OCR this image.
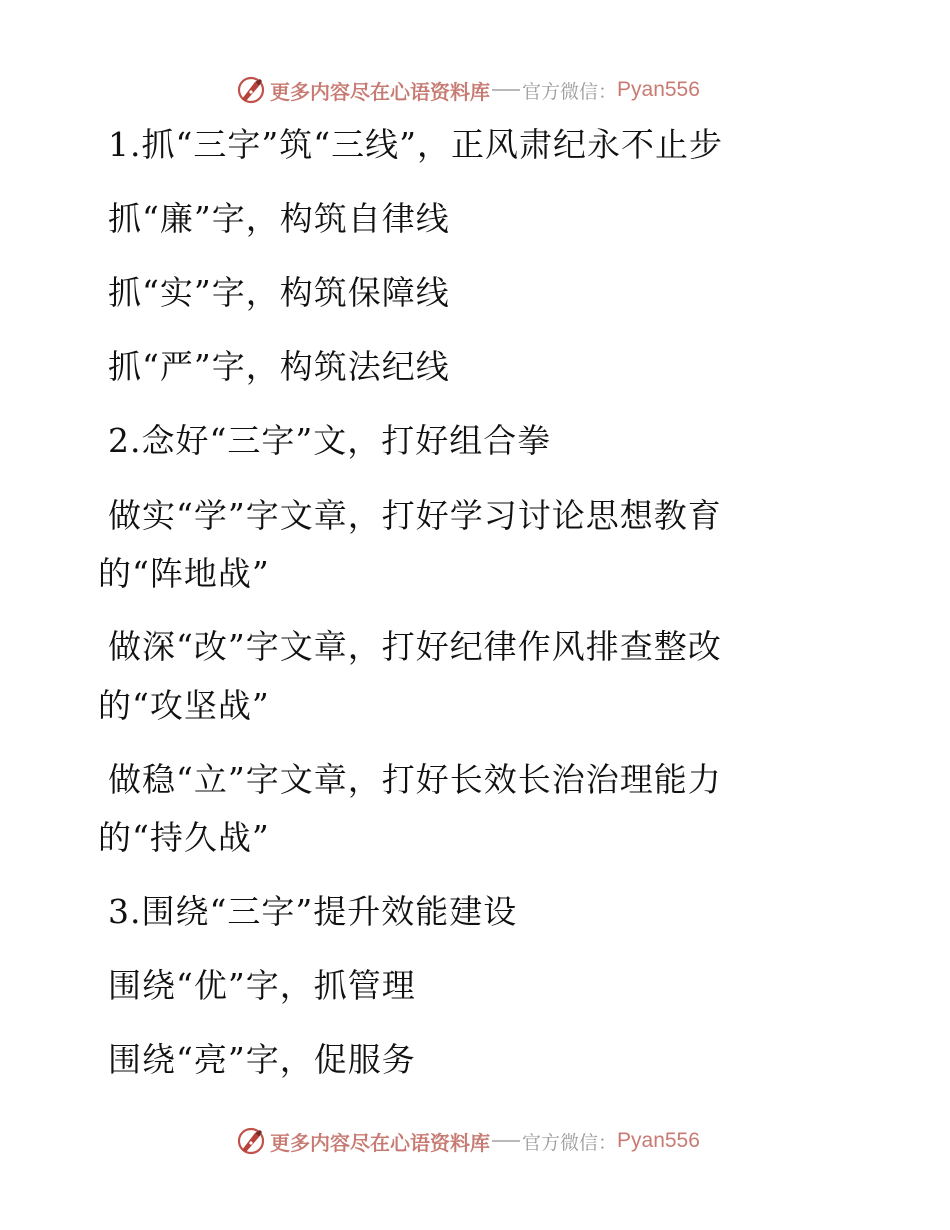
更多内容尽在心语资料库 官方微信： Pyan556
1.抓“三字”筑“三线”，正风肃纪永不止步
抓“廉”字，构筑自律线
抓“实”字，构筑保障线
抓“严”字，构筑法纪线
2.念好“三字”文，打好组合拳
做实“学”字文章，打好学习讨论思想教育
的“阵地战”
做深“改”字文章，打好纪律作风排查整改
的“攻坚战”
做稳“立”字文章，打好长效长治治理能力
的“持久战”
3.围绕“三字”提升效能建设
围绕“优”字，抓管理
围绕“亮”字，促服务
更多内容尽在心语资料库 官方微信： Pyan556
